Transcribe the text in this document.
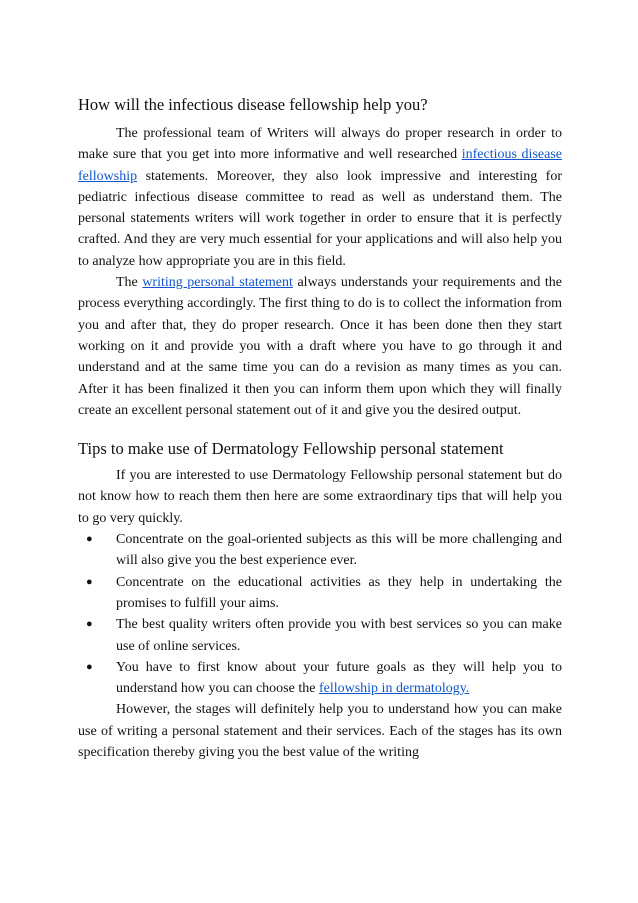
How will the infectious disease fellowship help you?

The professional team of Writers will always do proper research in order to make sure that you get into more informative and well researched infectious disease fellowship statements. Moreover, they also look impressive and interesting for pediatric infectious disease committee to read as well as understand them. The personal statements writers will work together in order to ensure that it is perfectly crafted. And they are very much essential for your applications and will also help you to analyze how appropriate you are in this field.

The writing personal statement always understands your requirements and the process everything accordingly. The first thing to do is to collect the information from you and after that, they do proper research. Once it has been done then they start working on it and provide you with a draft where you have to go through it and understand and at the same time you can do a revision as many times as you can. After it has been finalized it then you can inform them upon which they will finally create an excellent personal statement out of it and give you the desired output.

Tips to make use of Dermatology Fellowship personal statement

If you are interested to use Dermatology Fellowship personal statement but do not know how to reach them then here are some extraordinary tips that will help you to go very quickly.

● Concentrate on the goal-oriented subjects as this will be more challenging and will also give you the best experience ever.
● Concentrate on the educational activities as they help in undertaking the promises to fulfill your aims.
● The best quality writers often provide you with best services so you can make use of online services.
● You have to first know about your future goals as they will help you to understand how you can choose the fellowship in dermatology.

However, the stages will definitely help you to understand how you can make use of writing a personal statement and their services. Each of the stages has its own specification thereby giving you the best value of the writing
